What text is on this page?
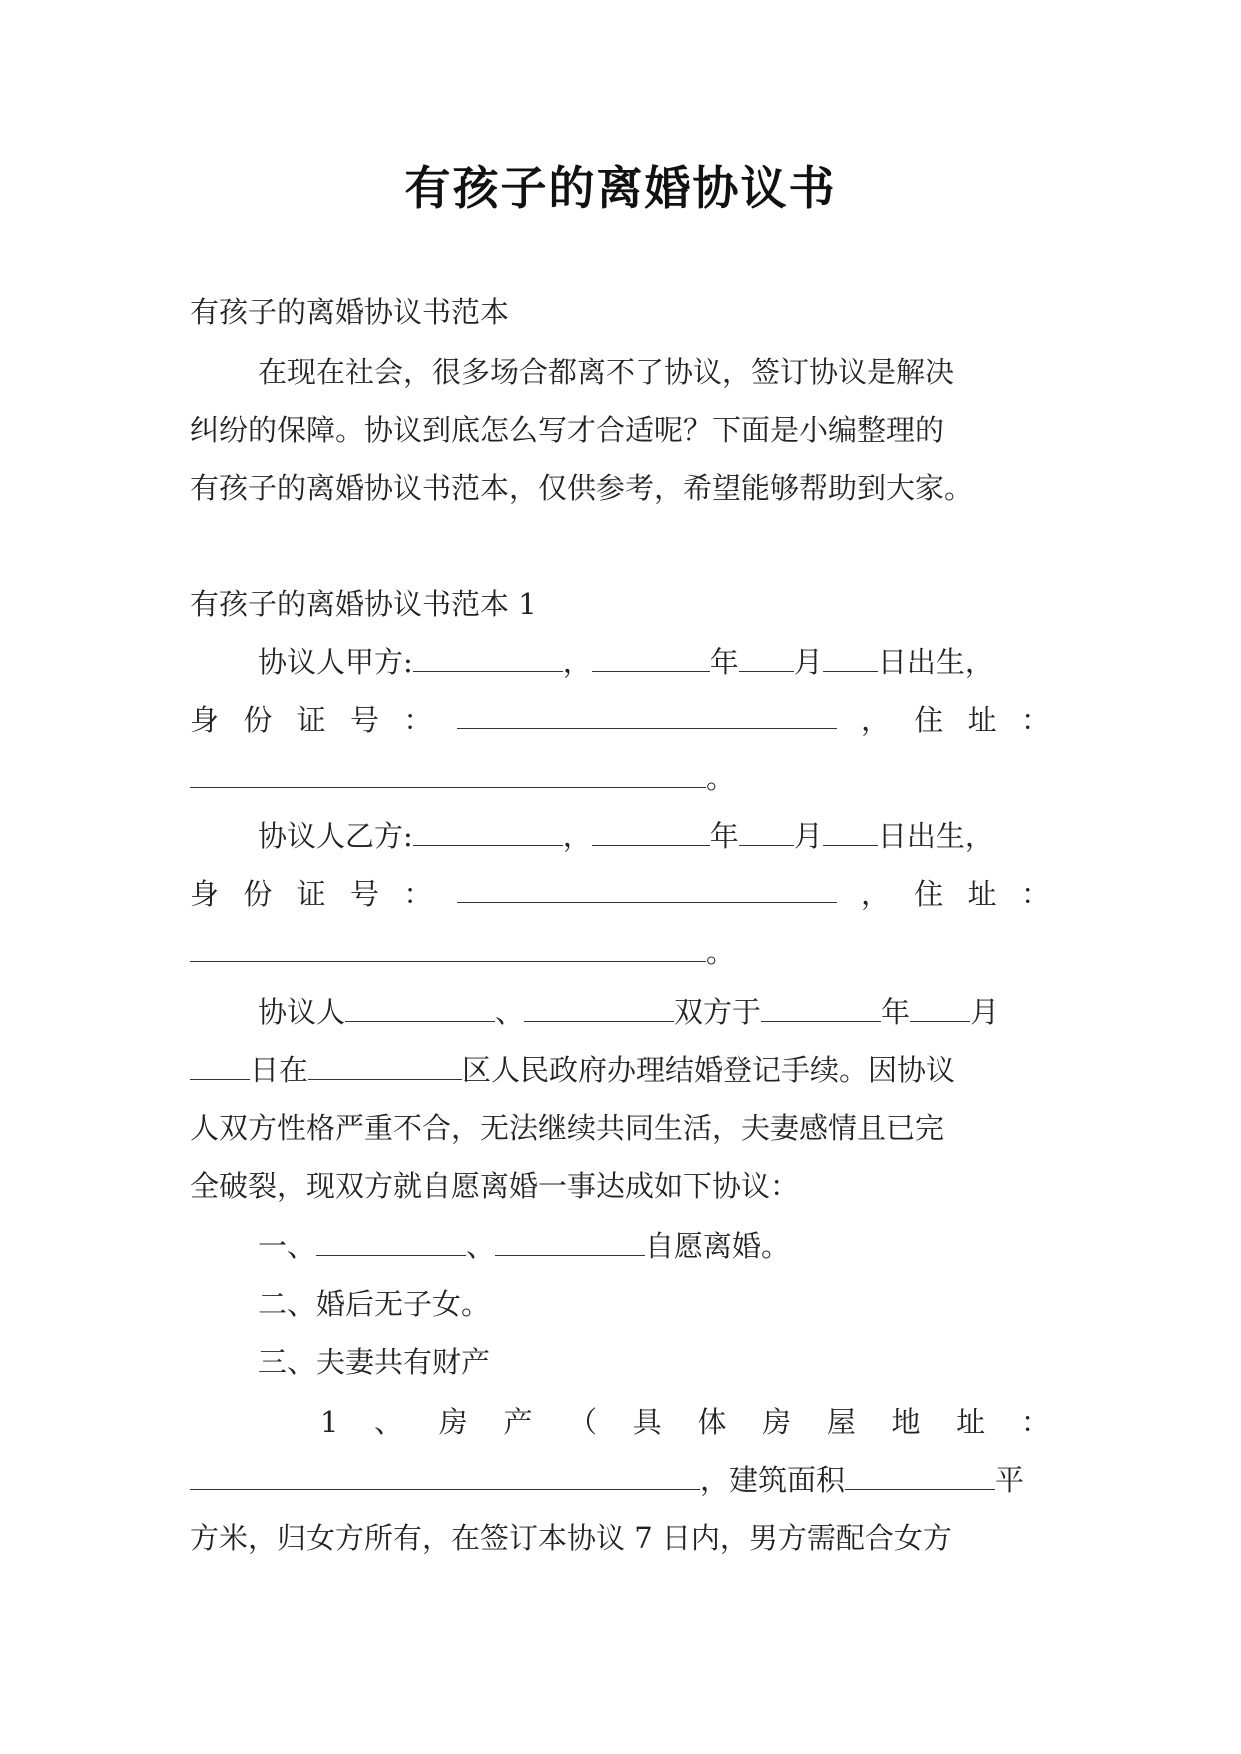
有孩子的离婚协议书
有孩子的离婚协议书范本
在现在社会，很多场合都离不了协议，签订协议是解决
纠纷的保障。协议到底怎么写才合适呢？下面是小编整理的
有孩子的离婚协议书范本，仅供参考，希望能够帮助到大家。
有孩子的离婚协议书范本 1
协议人甲方:	，	年 月 日出生，
身 份 证 号 ：	， 住 址 ：
。
协议人乙方:	，	年 月 日出生，
身 份 证 号 ：	， 住 址 ：
。
协议人	、	双方于	年 月
日在	区人民政府办理结婚登记手续。因协议
人双方性格严重不合，无法继续共同生活，夫妻感情且已完
全破裂，现双方就自愿离婚一事达成如下协议：
一、	、	自愿离婚。
二、婚后无子女。
三、夫妻共有财产
1 、 房 产 （ 具 体 房 屋 地 址 ：
，建筑面积	平
方米，归女方所有，在签订本协议 7 日内，男方需配合女方
